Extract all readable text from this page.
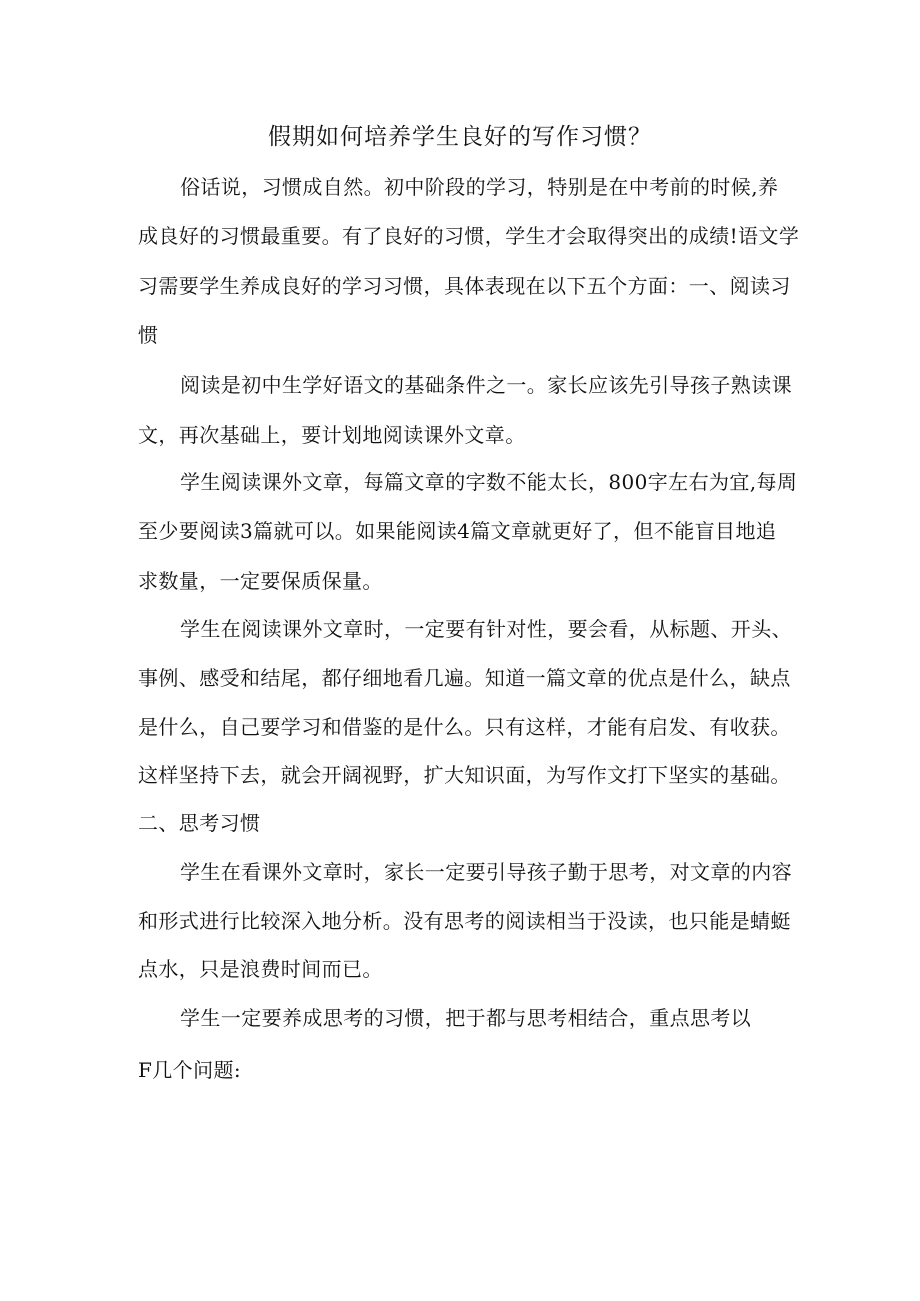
假期如何培养学生良好的写作习惯？
俗话说，习惯成自然。初中阶段的学习，特别是在中考前的时候,养
成良好的习惯最重要。有了良好的习惯，学生才会取得突出的成绩!语文学
习需要学生养成良好的学习习惯，具体表现在以下五个方面：一、阅读习
惯
阅读是初中生学好语文的基础条件之一。家长应该先引导孩子熟读课
文，再次基础上，要计划地阅读课外文章。
学生阅读课外文章，每篇文章的字数不能太长，800字左右为宜,每周
至少要阅读3篇就可以。如果能阅读4篇文章就更好了，但不能盲目地追
求数量，一定要保质保量。
学生在阅读课外文章时，一定要有针对性，要会看，从标题、开头、
事例、感受和结尾，都仔细地看几遍。知道一篇文章的优点是什么，缺点
是什么，自己要学习和借鉴的是什么。只有这样，才能有启发、有收获。
这样坚持下去，就会开阔视野，扩大知识面，为写作文打下坚实的基础。
二、思考习惯
学生在看课外文章时，家长一定要引导孩子勤于思考，对文章的内容
和形式进行比较深入地分析。没有思考的阅读相当于没读，也只能是蜻蜓
点水，只是浪费时间而已。
学生一定要养成思考的习惯，把于都与思考相结合，重点思考以
F几个问题:
